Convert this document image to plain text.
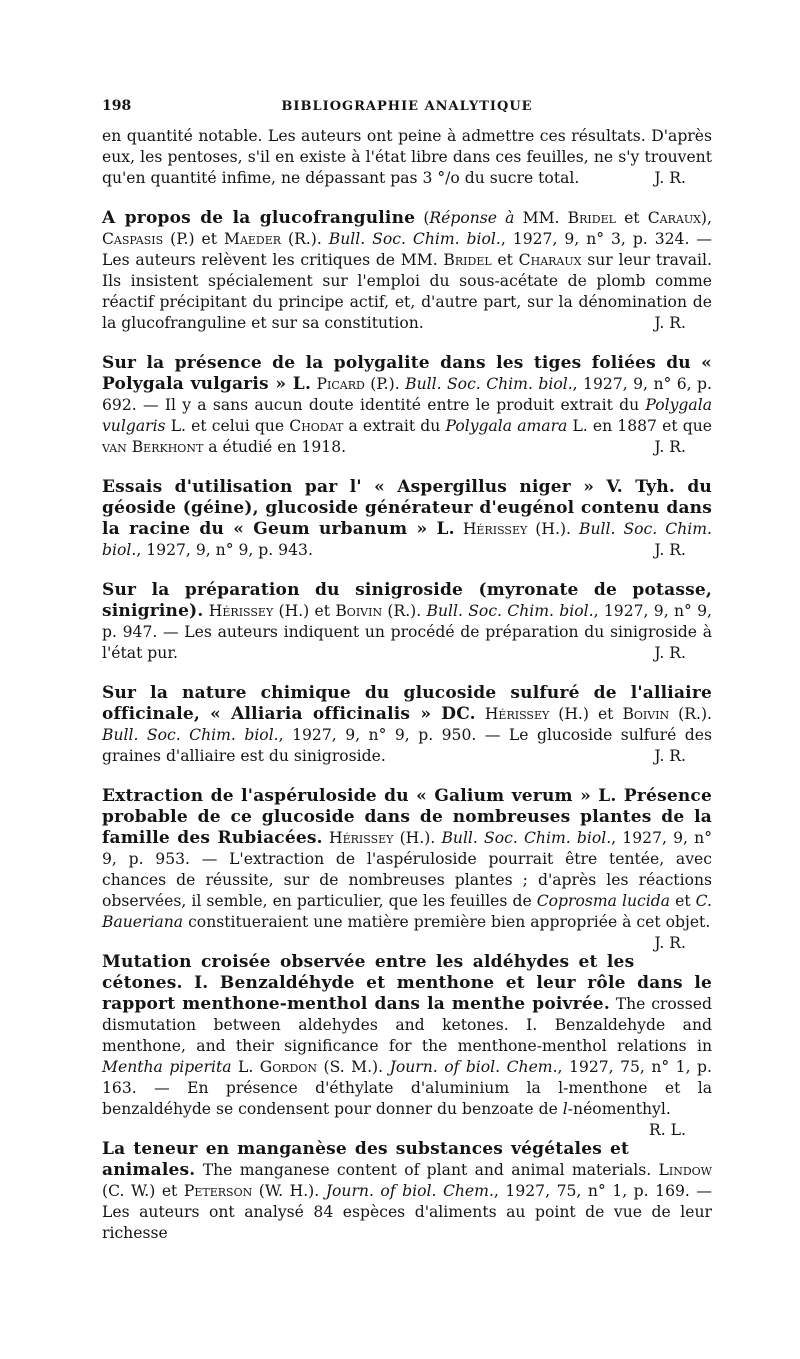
198	BIBLIOGRAPHIE ANALYTIQUE

en quantité notable. Les auteurs ont peine à admettre ces résultats. D'après eux, les pentoses, s'il en existe à l'état libre dans ces feuilles, ne s'y trouvent qu'en quantité infime, ne dépassant pas 3 °/o du sucre total.	J. R.

A propos de la glucofranguline (Réponse à MM. Bridel et Caraux), Caspasis (P.) et Maeder (R.). Bull. Soc. Chim. biol., 1927, 9, n° 3, p. 324. — Les auteurs relèvent les critiques de MM. Bridel et Charaux sur leur travail. Ils insistent spécialement sur l'emploi du sous-acétate de plomb comme réactif précipitant du principe actif, et, d'autre part, sur la dénomination de la glucofranguline et sur sa constitution.	J. R.

Sur la présence de la polygalite dans les tiges foliées du « Polygala vulgaris » L. Picard (P.). Bull. Soc. Chim. biol., 1927, 9, n° 6, p. 692. — Il y a sans aucun doute identité entre le produit extrait du Polygala vulgaris L. et celui que Chodat a extrait du Polygala amara L. en 1887 et que van Berkhont a étudié en 1918.	J. R.

Essais d'utilisation par l' « Aspergillus niger » V. Tyh. du géoside (géine), glucoside générateur d'eugénol contenu dans la racine du « Geum urbanum » L. Hérissey (H.). Bull. Soc. Chim. biol., 1927, 9, n° 9, p. 943.	J. R.

Sur la préparation du sinigroside (myronate de potasse, sinigrine). Hérissey (H.) et Boivin (R.). Bull. Soc. Chim. biol., 1927, 9, n° 9, p. 947. — Les auteurs indiquent un procédé de préparation du sinigroside à l'état pur.	J. R.

Sur la nature chimique du glucoside sulfuré de l'alliaire officinale, « Alliaria officinalis » DC. Hérissey (H.) et Boivin (R.). Bull. Soc. Chim. biol., 1927, 9, n° 9, p. 950. — Le glucoside sulfuré des graines d'alliaire est du sinigroside.	J. R.

Extraction de l'aspéruloside du « Galium verum » L. Présence probable de ce glucoside dans de nombreuses plantes de la famille des Rubiacées. Hérissey (H.). Bull. Soc. Chim. biol., 1927, 9, n° 9, p. 953. — L'extraction de l'aspéruloside pourrait être tentée, avec chances de réussite, sur de nombreuses plantes ; d'après les réactions observées, il semble, en particulier, que les feuilles de Coprosma lucida et C. Baueriana constitueraient une matière première bien appropriée à cet objet.
J. R.

Mutation croisée observée entre les aldéhydes et les cétones. I. Benzaldéhyde et menthone et leur rôle dans le rapport menthone-menthol dans la menthe poivrée. The crossed dismutation between aldehydes and ketones. I. Benzaldehyde and menthone, and their significance for the menthone-menthol relations in Mentha piperita L. Gordon (S. M.). Journ. of biol. Chem., 1927, 75, n° 1, p. 163. — En présence d'éthylate d'aluminium la l-menthone et la benzaldéhyde se condensent pour donner du benzoate de l-néomenthyl.
R. L.

La teneur en manganèse des substances végétales et animales. The manganese content of plant and animal materials. Lindow (C. W.) et Peterson (W. H.). Journ. of biol. Chem., 1927, 75, n° 1, p. 169. — Les auteurs ont analysé 84 espèces d'aliments au point de vue de leur richesse
